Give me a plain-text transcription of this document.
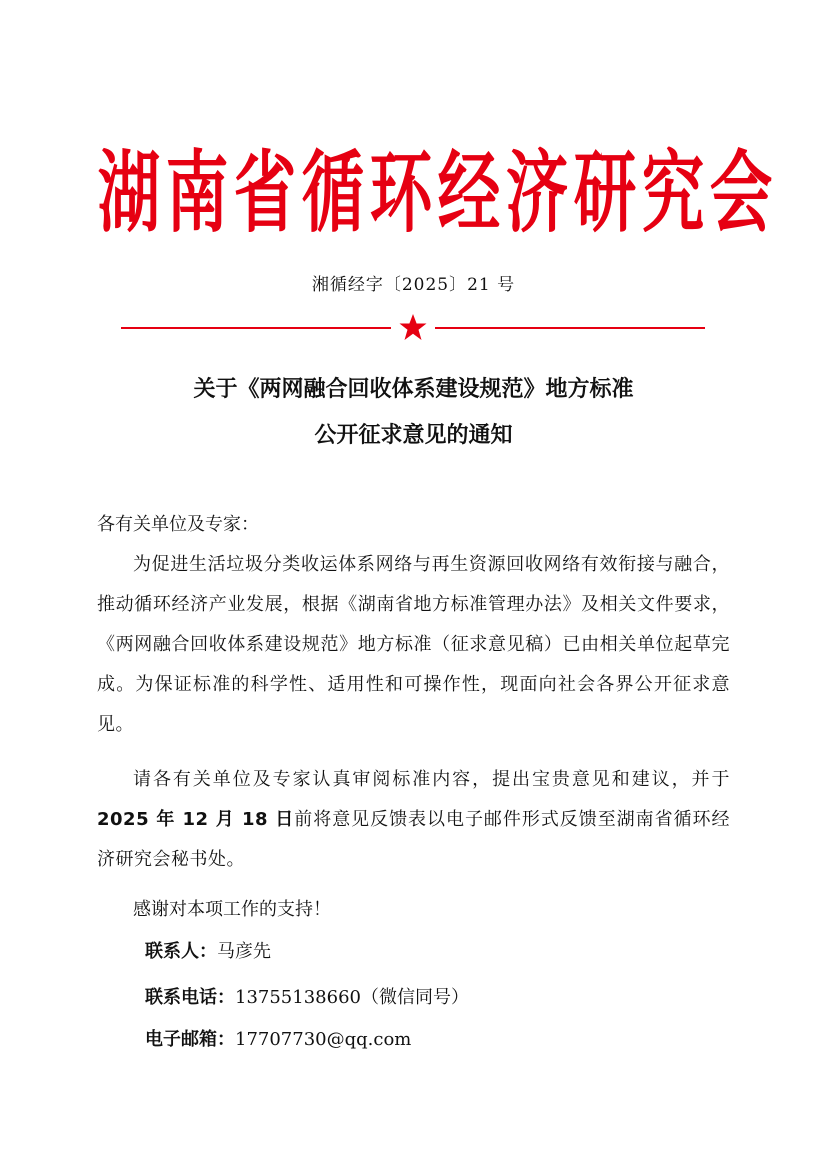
湖 南 省 循 环 经 济 研 究 会
湘循经字〔2025〕21 号
关于《两网融合回收体系建设规范》地方标准
公开征求意见的通知
各有关单位及专家：
为促进生活垃圾分类收运体系网络与再生资源回收网络有效衔接与融合，推动循环经济产业发展，根据《湖南省地方标准管理办法》及相关文件要求，《两网融合回收体系建设规范》地方标准（征求意见稿）已由相关单位起草完成。为保证标准的科学性、适用性和可操作性，现面向社会各界公开征求意见。
请各有关单位及专家认真审阅标准内容，提出宝贵意见和建议，并于2025 年 12 月 18 日前将意见反馈表以电子邮件形式反馈至湖南省循环经济研究会秘书处。
感谢对本项工作的支持！
联系人：马彦先
联系电话：13755138660（微信同号）
电子邮箱：17707730@qq.com
